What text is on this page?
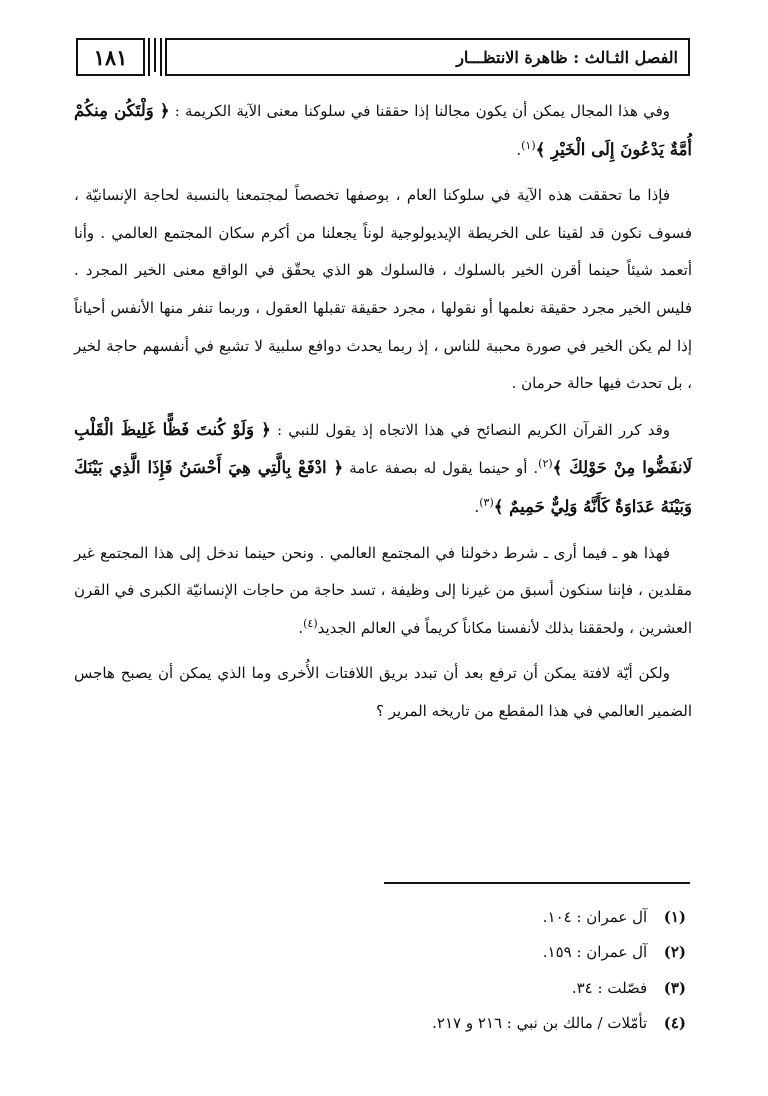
١٨١	الفصل الثـالث : ظاهرة الانتظـــار

وفي هذا المجال يمكن أن يكون مجالنا إذا حققنا في سلوكنا معنى الآية الكريمة : ﴿ وَلْتَكُن مِنكُمْ أُمَّةٌ يَدْعُونَ إِلَى الْخَيْرِ ﴾$^{(١)}$.

فإذا ما تحققت هذه الآية في سلوكنا العام ، بوصفها تخصصاً لمجتمعنا بالنسبة لحاجة الإنسانيّة ، فسوف نكون قد لقينا على الخريطة الإيديولوجية لوناً يجعلنا من أكرم سكان المجتمع العالمي . وأنا أتعمد شيئاً حينما أقرن الخير بالسلوك ، فالسلوك هو الذي يحقّق في الواقع معنى الخير المجرد . فليس الخير مجرد حقيقة نعلمها أو نقولها ، مجرد حقيقة تقبلها العقول ، وربما تنفر منها الأنفس أحياناً إذا لم يكن الخير في صورة محببة للناس ، إذ ربما يحدث دوافع سلبية لا تشبع في أنفسهم حاجة لخير ، بل تحدث فيها حالة حرمان .

وقد كرر القرآن الكريم النصائح في هذا الاتجاه إذ يقول للنبي : ﴿ وَلَوْ كُنتَ فَظًّا غَلِيظَ الْقَلْبِ لَانفَضُّوا مِنْ حَوْلِكَ ﴾$^{(٢)}$. أو حينما يقول له بصفة عامة ﴿ ادْفَعْ بِالَّتِي هِيَ أَحْسَنُ فَإِذَا الَّذِي بَيْنَكَ وَبَيْنَهُ عَدَاوَةٌ كَأَنَّهُ وَلِيٌّ حَمِيمٌ ﴾$^{(٣)}$.

فهذا هو ـ فيما أرى ـ شرط دخولنا في المجتمع العالمي . ونحن حينما ندخل إلى هذا المجتمع غير مقلدين ، فإننا سنكون أسبق من غيرنا إلى وظيفة ، تسد حاجة من حاجات الإنسانيّة الكبرى في القرن العشرين ، ولحققنا بذلك لأنفسنا مكاناً كريماً في العالم الجديد$^{(٤)}$.

ولكن أيّة لافتة يمكن أن ترفع بعد أن تبدد بريق اللافتات الأُخرى وما الذي يمكن أن يصبح هاجس الضمير العالمي في هذا المقطع من تاريخه المرير ؟

(١) آل عمران : ١٠٤.
(٢) آل عمران : ١٥٩.
(٣) فصّلت : ٣٤.
(٤) تأمّلات / مالك بن نبي : ٢١٦ و ٢١٧.
